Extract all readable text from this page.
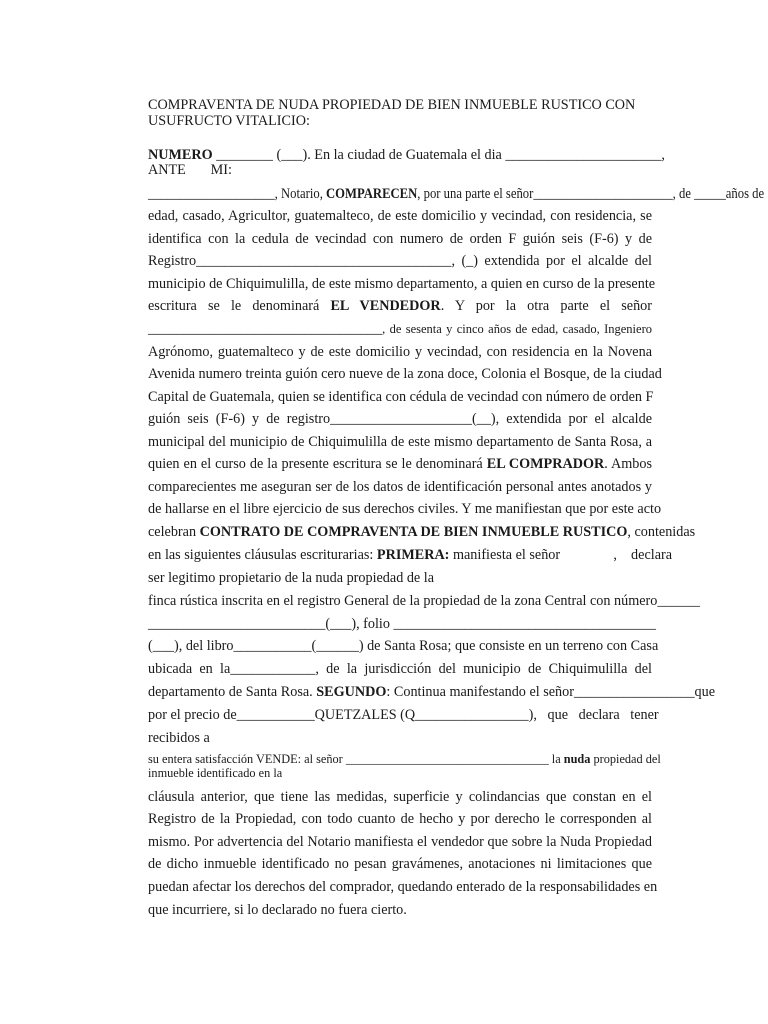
COMPRAVENTA DE NUDA PROPIEDAD DE BIEN INMUEBLE RUSTICO CON
USUFRUCTO VITALICIO:
NUMERO ________ (___). En la ciudad de Guatemala el dia ______________________,
ANTE       MI:
____________________, Notario, COMPARECEN, por una parte el señor______________________, de _____años de
edad, casado, Agricultor, guatemalteco, de este domicilio y vecindad, con residencia, se
identifica con la cedula de vecindad con numero de orden F guión seis (F-6) y de
Registro____________________________________, (_) extendida por el alcalde del
municipio de Chiquimulilla, de este mismo departamento, a quien en curso de la presente
escritura se le denominará EL VENDEDOR. Y por la otra parte el señor
_________________________________, de sesenta y cinco años de edad, casado, Ingeniero
Agrónomo, guatemalteco y de este domicilio y vecindad, con residencia en la Novena
Avenida numero treinta guión cero nueve de la zona doce, Colonia el Bosque, de la ciudad
Capital de Guatemala, quien se identifica con cédula de vecindad con número de orden F
guión seis (F-6) y de registro____________________(__), extendida por el alcalde
municipal del municipio de Chiquimulilla de este mismo departamento de Santa Rosa, a
quien en el curso de la presente escritura se le denominará EL COMPRADOR. Ambos
comparecientes me aseguran ser de los datos de identificación personal antes anotados y
de hallarse en el libre ejercicio de sus derechos civiles. Y me manifiestan que por este acto
celebran CONTRATO DE COMPRAVENTA DE BIEN INMUEBLE RUSTICO, contenidas
en las siguientes cláusulas escriturarias: PRIMERA: manifiesta el señor               ,    declara
ser legitimo propietario de la nuda propiedad de la
finca rústica inscrita en el registro General de la propiedad de la zona Central con número______
_________________________(___), folio _____________________________________
(___), del libro___________(______) de Santa Rosa; que consiste en un terreno con Casa
ubicada en la____________, de la jurisdicción del municipio de Chiquimulilla del
departamento de Santa Rosa. SEGUNDO: Continua manifestando el señor_________________que
por el precio de___________QUETZALES (Q________________),   que   declara   tener
recibidos a
su entera satisfacción VENDE: al señor _________________________________ la nuda propiedad del
inmueble identificado en la
cláusula anterior, que tiene las medidas, superficie y colindancias que constan en el
Registro de la Propiedad, con todo cuanto de hecho y por derecho le corresponden al
mismo. Por advertencia del Notario manifiesta el vendedor que sobre la Nuda Propiedad
de dicho inmueble identificado no pesan gravámenes, anotaciones ni limitaciones que
puedan afectar los derechos del comprador, quedando enterado de la responsabilidades en
que incurriere, si lo declarado no fuera cierto.
